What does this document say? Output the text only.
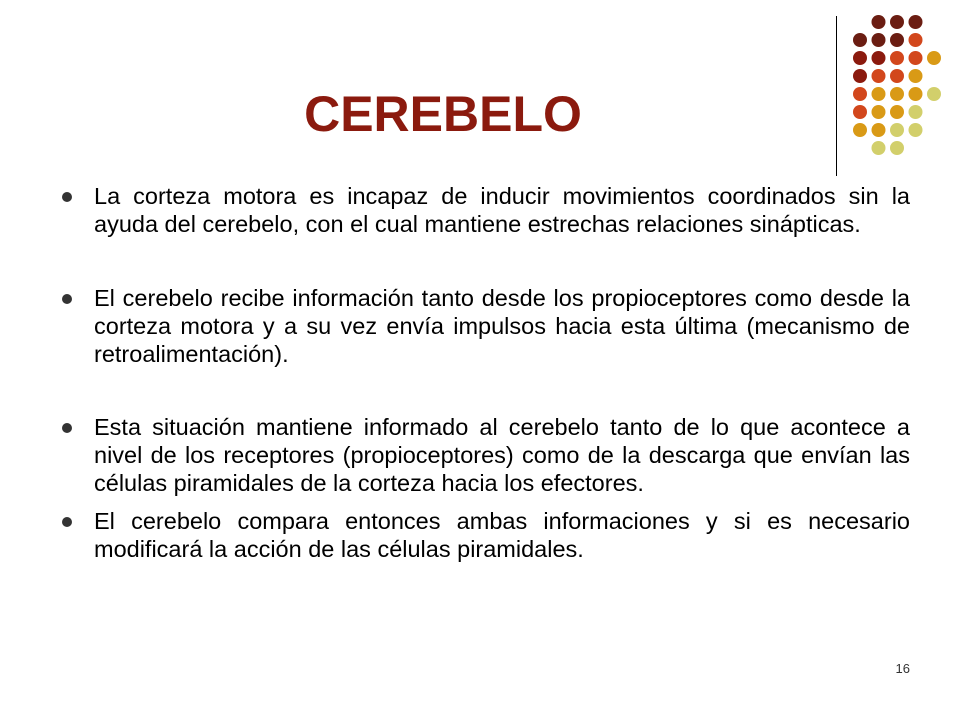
CEREBELO
La corteza motora es incapaz de inducir movimientos coordinados sin la ayuda del cerebelo, con el cual mantiene estrechas relaciones sinápticas.
El cerebelo recibe información tanto desde los propioceptores como desde la corteza motora y a su vez envía impulsos hacia esta última (mecanismo de retroalimentación).
Esta situación mantiene informado al cerebelo tanto de lo que acontece a nivel de los receptores (propioceptores) como de la descarga que envían las células piramidales de la corteza hacia los efectores.
El cerebelo compara entonces ambas informaciones y si es necesario modificará la acción de las células piramidales.
16
